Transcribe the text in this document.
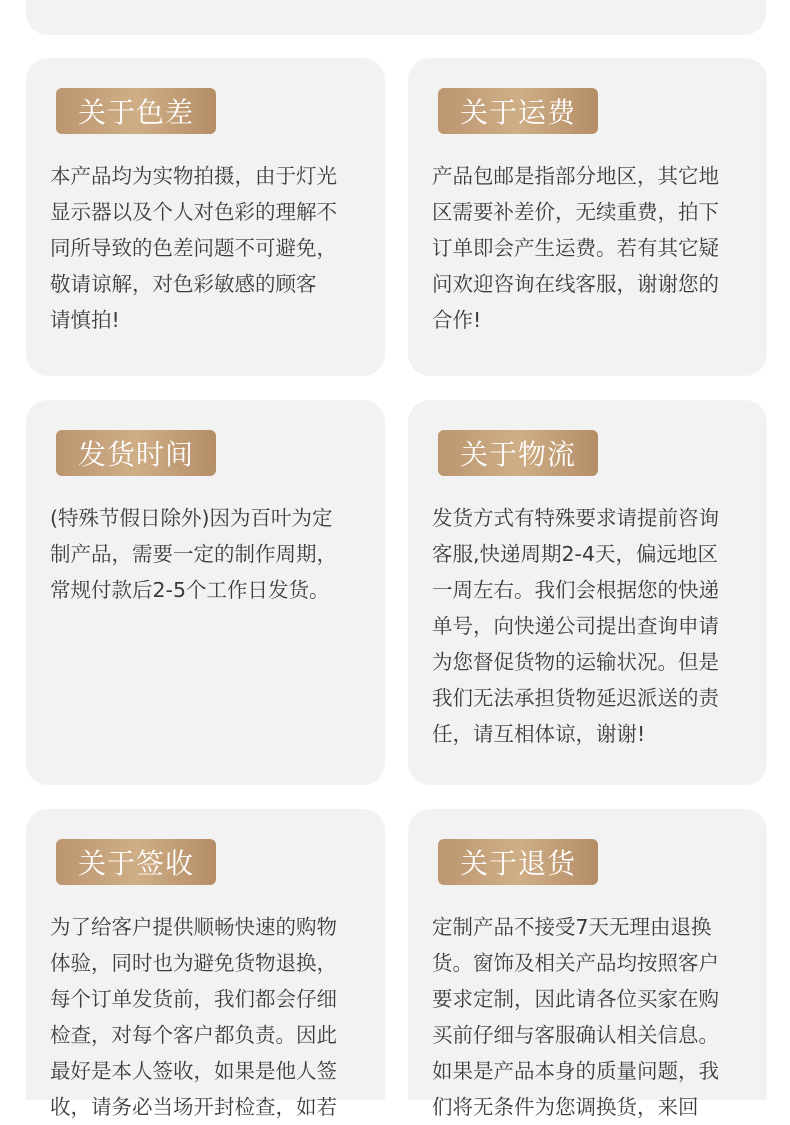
关于色差
本产品均为实物拍摄，由于灯光
显示器以及个人对色彩的理解不
同所导致的色差问题不可避免，
敬请谅解，对色彩敏感的顾客
请慎拍!
关于运费
产品包邮是指部分地区，其它地
区需要补差价，无续重费，拍下
订单即会产生运费。若有其它疑
问欢迎咨询在线客服，谢谢您的
合作!
发货时间
(特殊节假日除外)因为百叶为定
制产品，需要一定的制作周期，
常规付款后2-5个工作日发货。
关于物流
发货方式有特殊要求请提前咨询
客服,快递周期2-4天，偏远地区
一周左右。我们会根据您的快递
单号，向快递公司提出查询申请
为您督促货物的运输状况。但是
我们无法承担货物延迟派送的责
任，请互相体谅，谢谢!
关于签收
为了给客户提供顺畅快速的购物
体验，同时也为避免货物退换，
每个订单发货前，我们都会仔细
检查，对每个客户都负责。因此
最好是本人签收，如果是他人签
收，请务必当场开封检查，如若
关于退货
定制产品不接受7天无理由退换
货。窗饰及相关产品均按照客户
要求定制，因此请各位买家在购
买前仔细与客服确认相关信息。
如果是产品本身的质量问题，我
们将无条件为您调换货，来回
